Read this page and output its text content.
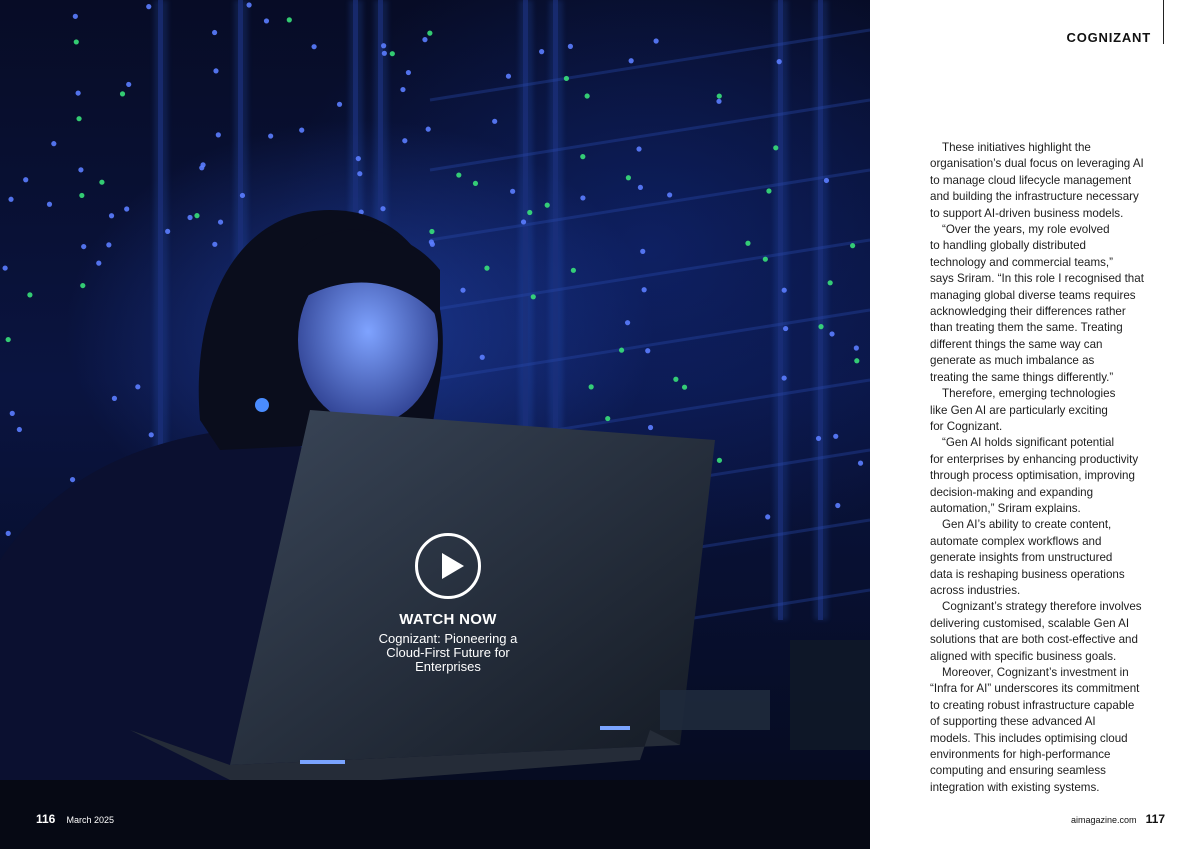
WATCH NOW
Cognizant: Pioneering a Cloud-First Future for Enterprises
116 March 2025
COGNIZANT
These initiatives highlight the
organisation’s dual focus on leveraging AI
to manage cloud lifecycle management
and building the infrastructure necessary
to support AI-driven business models.
“Over the years, my role evolved
to handling globally distributed
technology and commercial teams,”
says Sriram. “In this role I recognised that
managing global diverse teams requires
acknowledging their differences rather
than treating them the same. Treating
different things the same way can
generate as much imbalance as
treating the same things differently.”
Therefore, emerging technologies
like Gen AI are particularly exciting
for Cognizant.
“Gen AI holds significant potential
for enterprises by enhancing productivity
through process optimisation, improving
decision-making and expanding
automation,” Sriram explains.
Gen AI’s ability to create content,
automate complex workflows and
generate insights from unstructured
data is reshaping business operations
across industries.
Cognizant’s strategy therefore involves
delivering customised, scalable Gen AI
solutions that are both cost-effective and
aligned with specific business goals.
Moreover, Cognizant’s investment in
“Infra for AI” underscores its commitment
to creating robust infrastructure capable
of supporting these advanced AI
models. This includes optimising cloud
environments for high-performance
computing and ensuring seamless
integration with existing systems.
aimagazine.com 117
